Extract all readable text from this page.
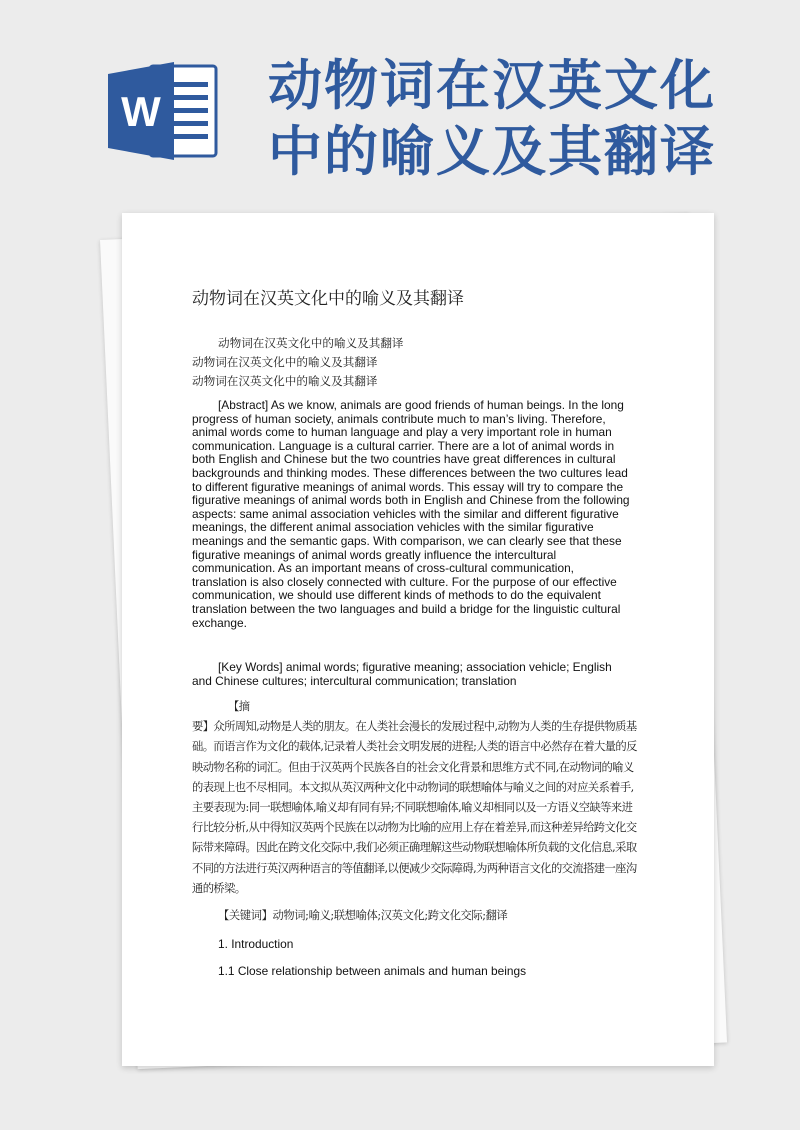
W 动物词在汉英文化中的喻义及其翻译
动物词在汉英文化中的喻义及其翻译
动物词在汉英文化中的喻义及其翻译
动物词在汉英文化中的喻义及其翻译
动物词在汉英文化中的喻义及其翻译
[Abstract] As we know, animals are good friends of human beings. In the long progress of human society, animals contribute much to man’s living. Therefore, animal words come to human language and play a very important role in human communication. Language is a cultural carrier. There are a lot of animal words in both English and Chinese but the two countries have great differences in cultural backgrounds and thinking modes. These differences between the two cultures lead to different figurative meanings of animal words. This essay will try to compare the figurative meanings of animal words both in English and Chinese from the following aspects: same animal association vehicles with the similar and different figurative meanings, the different animal association vehicles with the similar figurative meanings and the semantic gaps. With comparison, we can clearly see that these figurative meanings of animal words greatly influence the intercultural communication. As an important means of cross-cultural communication, translation is also closely connected with culture. For the purpose of our effective communication, we should use different kinds of methods to do the equivalent translation between the two languages and build a bridge for the linguistic cultural exchange.
[Key Words] animal words; figurative meaning; association vehicle; English and Chinese cultures; intercultural communication; translation
【摘
要】众所周知,动物是人类的朋友。在人类社会漫长的发展过程中,动物为人类的生存提供物质基础。而语言作为文化的载体,记录着人类社会文明发展的进程;人类的语言中必然存在着大量的反映动物名称的词汇。但由于汉英两个民族各自的社会文化背景和思维方式不同,在动物词的喻义的表现上也不尽相同。本文拟从英汉两种文化中动物词的联想喻体与喻义之间的对应关系着手,主要表现为:同一联想喻体,喻义却有同有异;不同联想喻体,喻义却相同以及一方语义空缺等来进行比较分析,从中得知汉英两个民族在以动物为比喻的应用上存在着差异,而这种差异给跨文化交际带来障碍。因此在跨文化交际中,我们必须正确理解这些动物联想喻体所负载的文化信息,采取不同的方法进行英汉两种语言的等值翻译,以便减少交际障碍,为两种语言文化的交流搭建一座沟通的桥梁。
【关键词】动物词;喻义;联想喻体;汉英文化;跨文化交际;翻译
1. Introduction
1.1 Close relationship between animals and human beings
